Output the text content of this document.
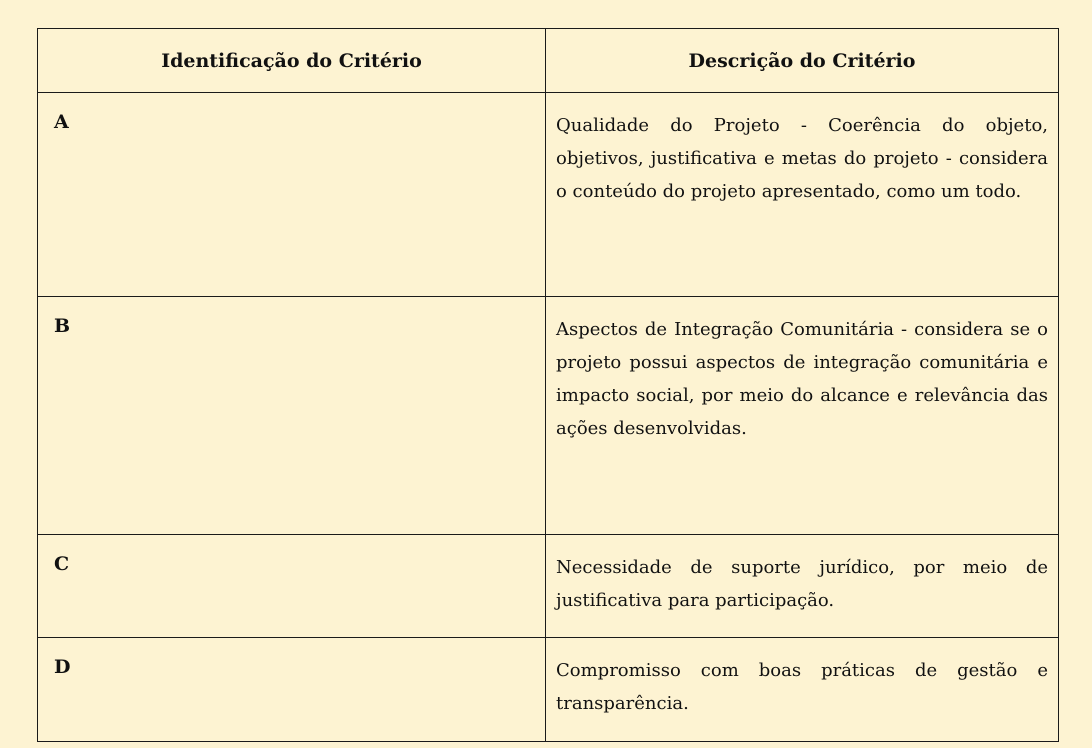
Identificação do Critério	Descrição do Critério
A	Qualidade do Projeto - Coerência do objeto, objetivos, justificativa e metas do projeto - considera o conteúdo do projeto apresentado, como um todo.
B	Aspectos de Integração Comunitária - considera se o projeto possui aspectos de integração comunitária e impacto social, por meio do alcance e relevância das ações desenvolvidas.
C	Necessidade de suporte jurídico, por meio de justificativa para participação.
D	Compromisso com boas práticas de gestão e transparência.
